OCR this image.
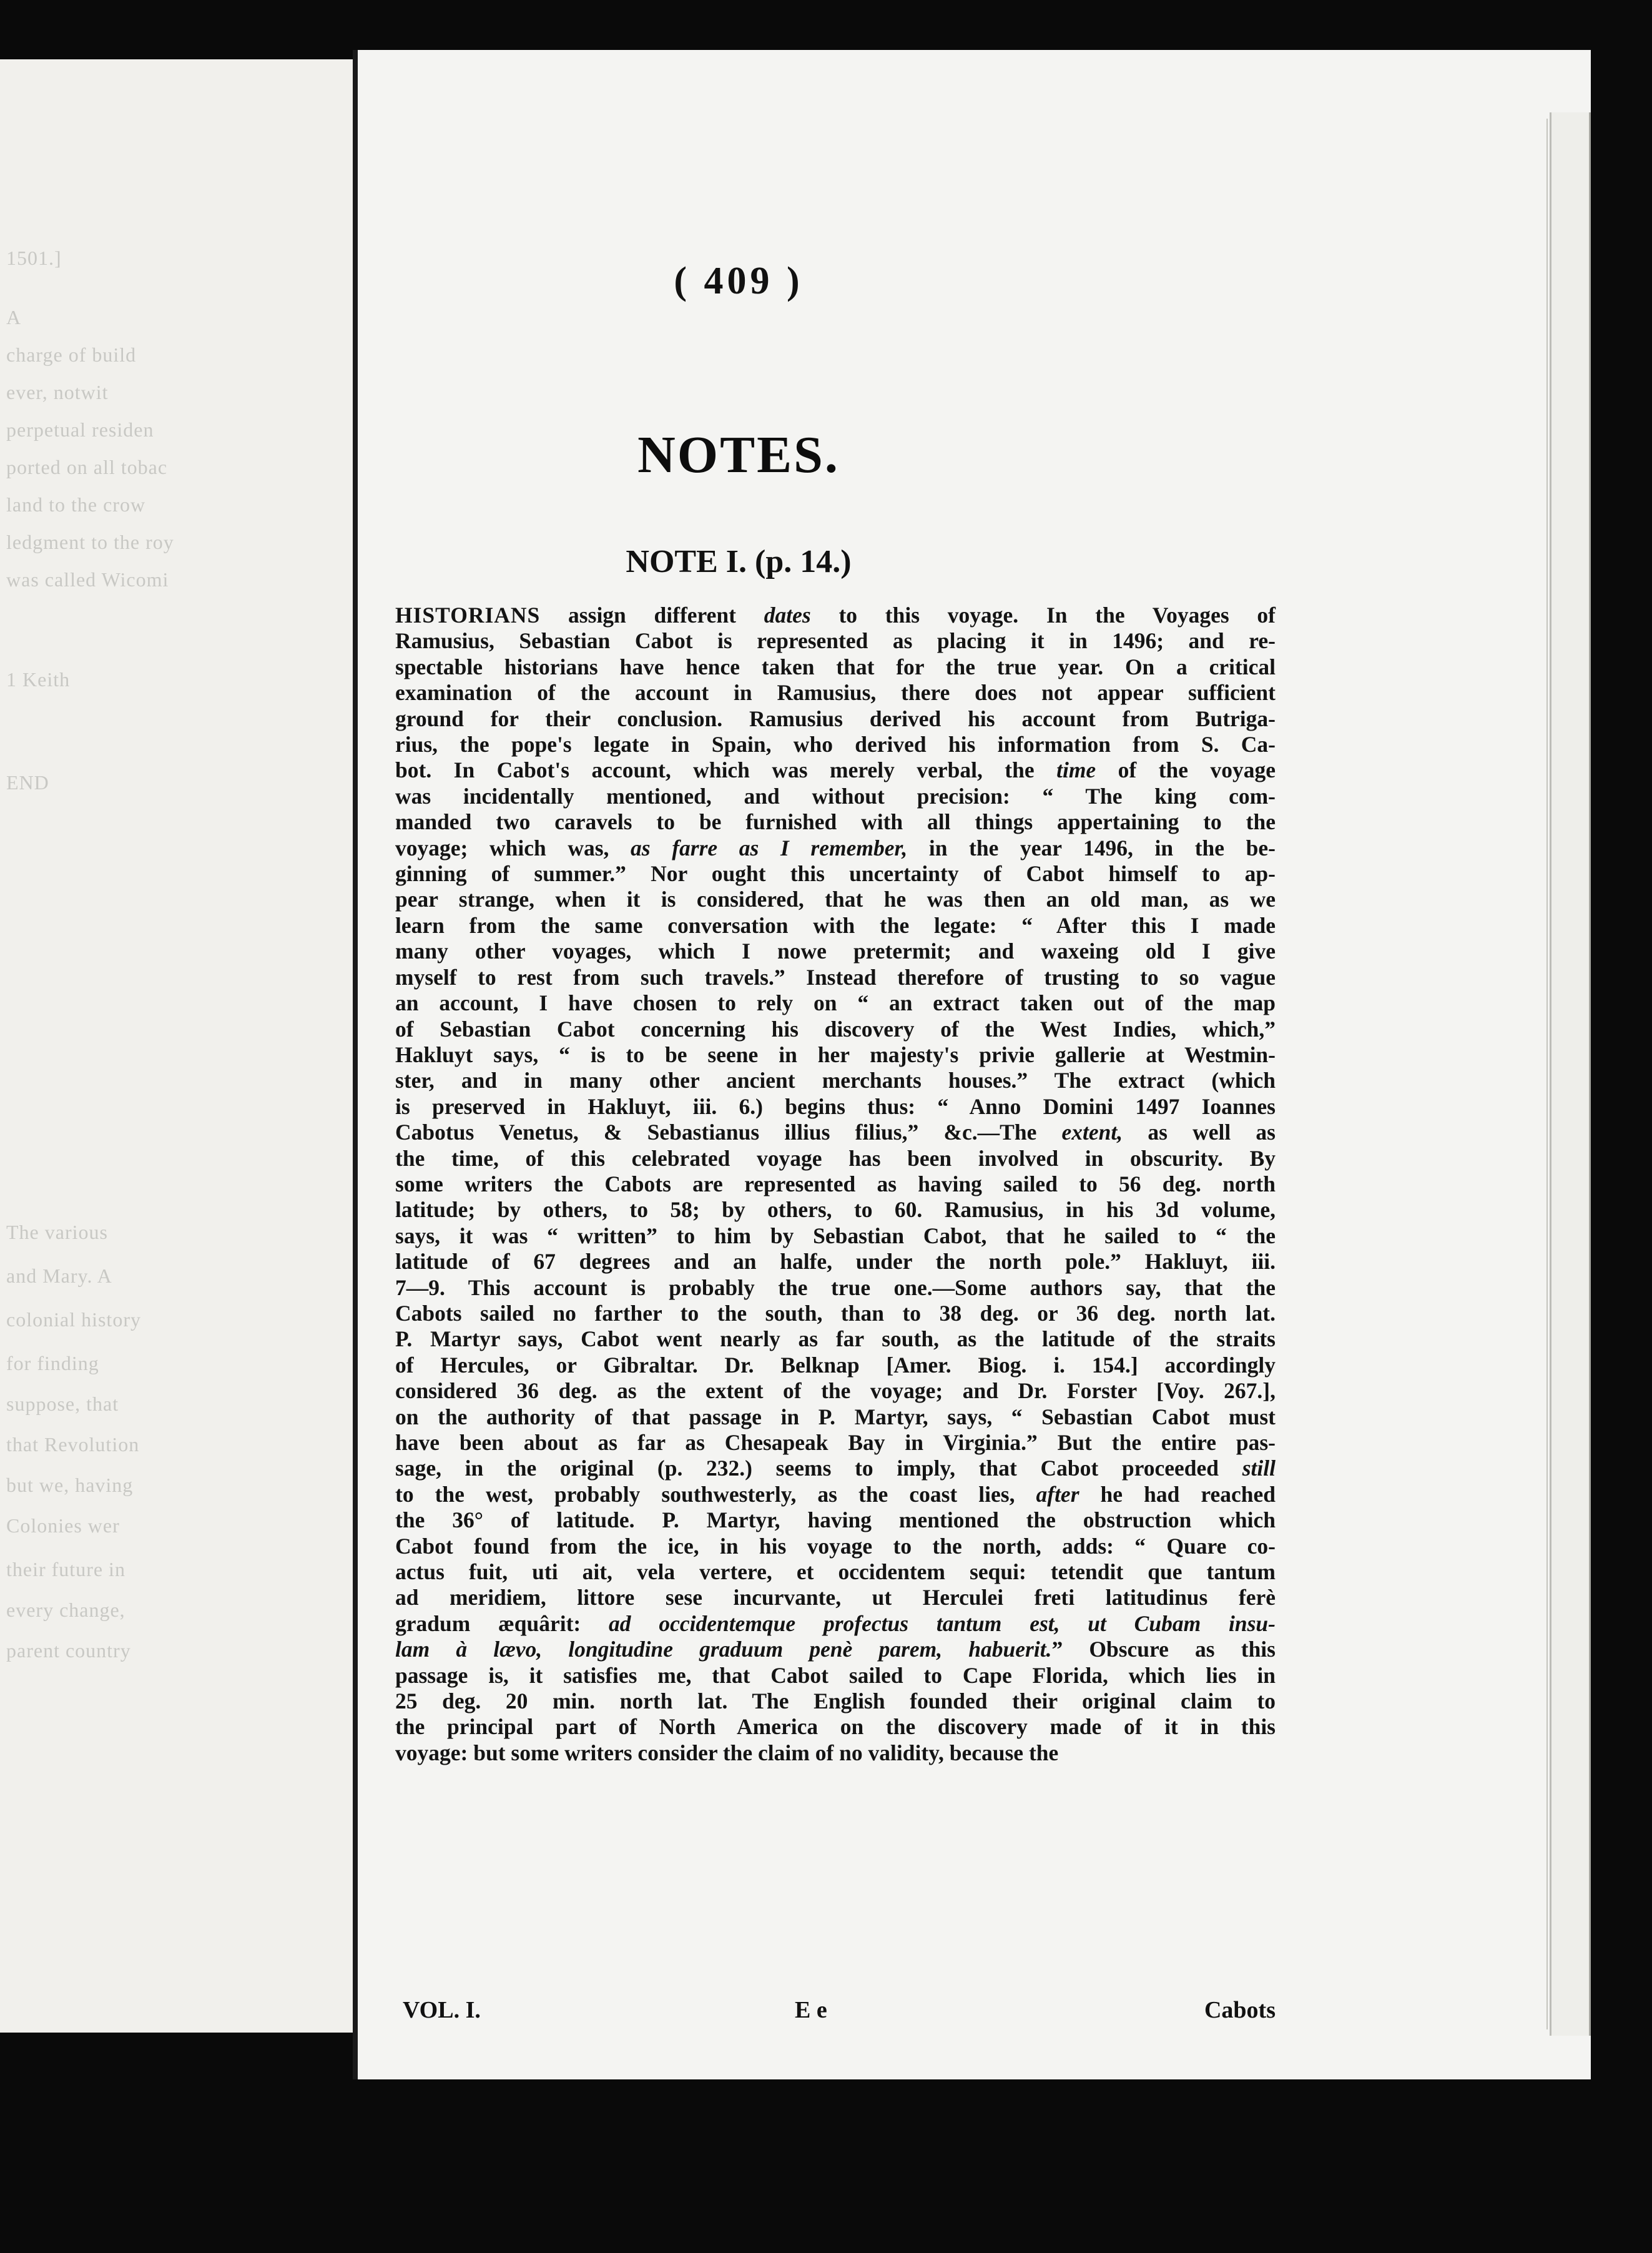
1501.]
A
charge of build
ever, notwit
perpetual residen
ported on all tobac
land to the crow
ledgment to the roy
was called Wicomi
1 Keith
END
The various
and Mary. A
colonial history
for finding
suppose, that
that Revolution
but we, having
Colonies wer
their future in
every change,
parent country
( 409 )
NOTES.
NOTE I. (p. 14.)
HISTORIANS assign different dates to this voyage. In the Voyages of
Ramusius, Sebastian Cabot is represented as placing it in 1496; and re-
spectable historians have hence taken that for the true year. On a critical
examination of the account in Ramusius, there does not appear sufficient
ground for their conclusion. Ramusius derived his account from Butriga-
rius, the pope's legate in Spain, who derived his information from S. Ca-
bot. In Cabot's account, which was merely verbal, the time of the voyage
was incidentally mentioned, and without precision: “ The king com-
manded two caravels to be furnished with all things appertaining to the
voyage; which was, as farre as I remember, in the year 1496, in the be-
ginning of summer.” Nor ought this uncertainty of Cabot himself to ap-
pear strange, when it is considered, that he was then an old man, as we
learn from the same conversation with the legate: “ After this I made
many other voyages, which I nowe pretermit; and waxeing old I give
myself to rest from such travels.” Instead therefore of trusting to so vague
an account, I have chosen to rely on “ an extract taken out of the map
of Sebastian Cabot concerning his discovery of the West Indies, which,”
Hakluyt says, “ is to be seene in her majesty's privie gallerie at Westmin-
ster, and in many other ancient merchants houses.” The extract (which
is preserved in Hakluyt, iii. 6.) begins thus: “ Anno Domini 1497 Ioannes
Cabotus Venetus, & Sebastianus illius filius,” &c.—The extent, as well as
the time, of this celebrated voyage has been involved in obscurity. By
some writers the Cabots are represented as having sailed to 56 deg. north
latitude; by others, to 58; by others, to 60. Ramusius, in his 3d volume,
says, it was “ written” to him by Sebastian Cabot, that he sailed to “ the
latitude of 67 degrees and an halfe, under the north pole.” Hakluyt, iii.
7—9. This account is probably the true one.—Some authors say, that the
Cabots sailed no farther to the south, than to 38 deg. or 36 deg. north lat.
P. Martyr says, Cabot went nearly as far south, as the latitude of the straits
of Hercules, or Gibraltar. Dr. Belknap [Amer. Biog. i. 154.] accordingly
considered 36 deg. as the extent of the voyage; and Dr. Forster [Voy. 267.],
on the authority of that passage in P. Martyr, says, “ Sebastian Cabot must
have been about as far as Chesapeak Bay in Virginia.” But the entire pas-
sage, in the original (p. 232.) seems to imply, that Cabot proceeded still
to the west, probably southwesterly, as the coast lies, after he had reached
the 36° of latitude. P. Martyr, having mentioned the obstruction which
Cabot found from the ice, in his voyage to the north, adds: “ Quare co-
actus fuit, uti ait, vela vertere, et occidentem sequi: tetendit que tantum
ad meridiem, littore sese incurvante, ut Herculei freti latitudinus ferè
gradum æquârit: ad occidentemque profectus tantum est, ut Cubam insu-
lam à lævo, longitudine graduum penè parem, habuerit.” Obscure as this
passage is, it satisfies me, that Cabot sailed to Cape Florida, which lies in
25 deg. 20 min. north lat. The English founded their original claim to
the principal part of North America on the discovery made of it in this
voyage: but some writers consider the claim of no validity, because the
VOL. I.	E e	Cabots
